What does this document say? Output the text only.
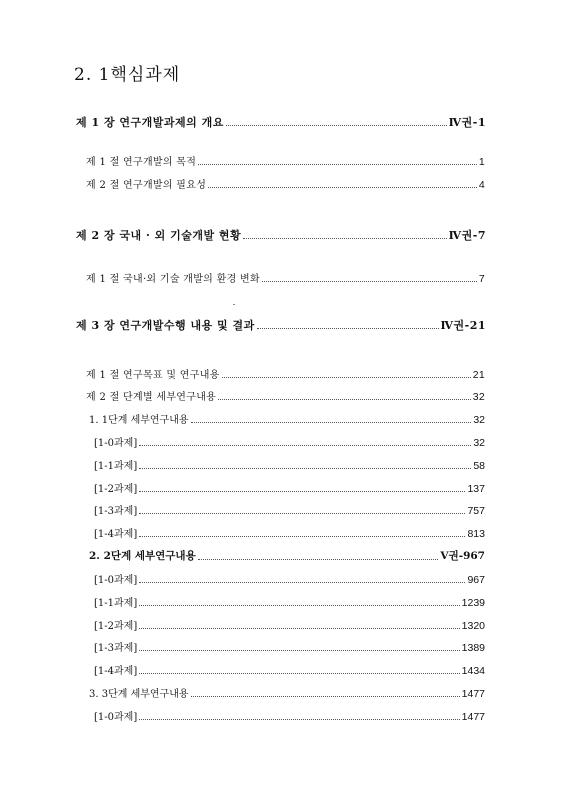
2. 1핵심과제
제 1 장 연구개발과제의 개요	Ⅳ권-1
제 1 절 연구개발의 목적	1
제 2 절 연구개발의 필요성	4
제 2 장 국내 · 외 기술개발 현황	Ⅳ권-7
제 1 절 국내·외 기술 개발의 환경 변화	7
제 3 장 연구개발수행 내용 및 결과	Ⅳ권-21
제 1 절 연구목표 및 연구내용	21
제 2 절 단계별 세부연구내용	32
1. 1단계 세부연구내용	32
[1-0과제]	32
[1-1과제]	58
[1-2과제]	137
[1-3과제]	757
[1-4과제]	813
2. 2단계 세부연구내용	Ⅴ권-967
[1-0과제]	967
[1-1과제]	1239
[1-2과제]	1320
[1-3과제]	1389
[1-4과제]	1434
3. 3단계 세부연구내용	1477
[1-0과제]	1477
